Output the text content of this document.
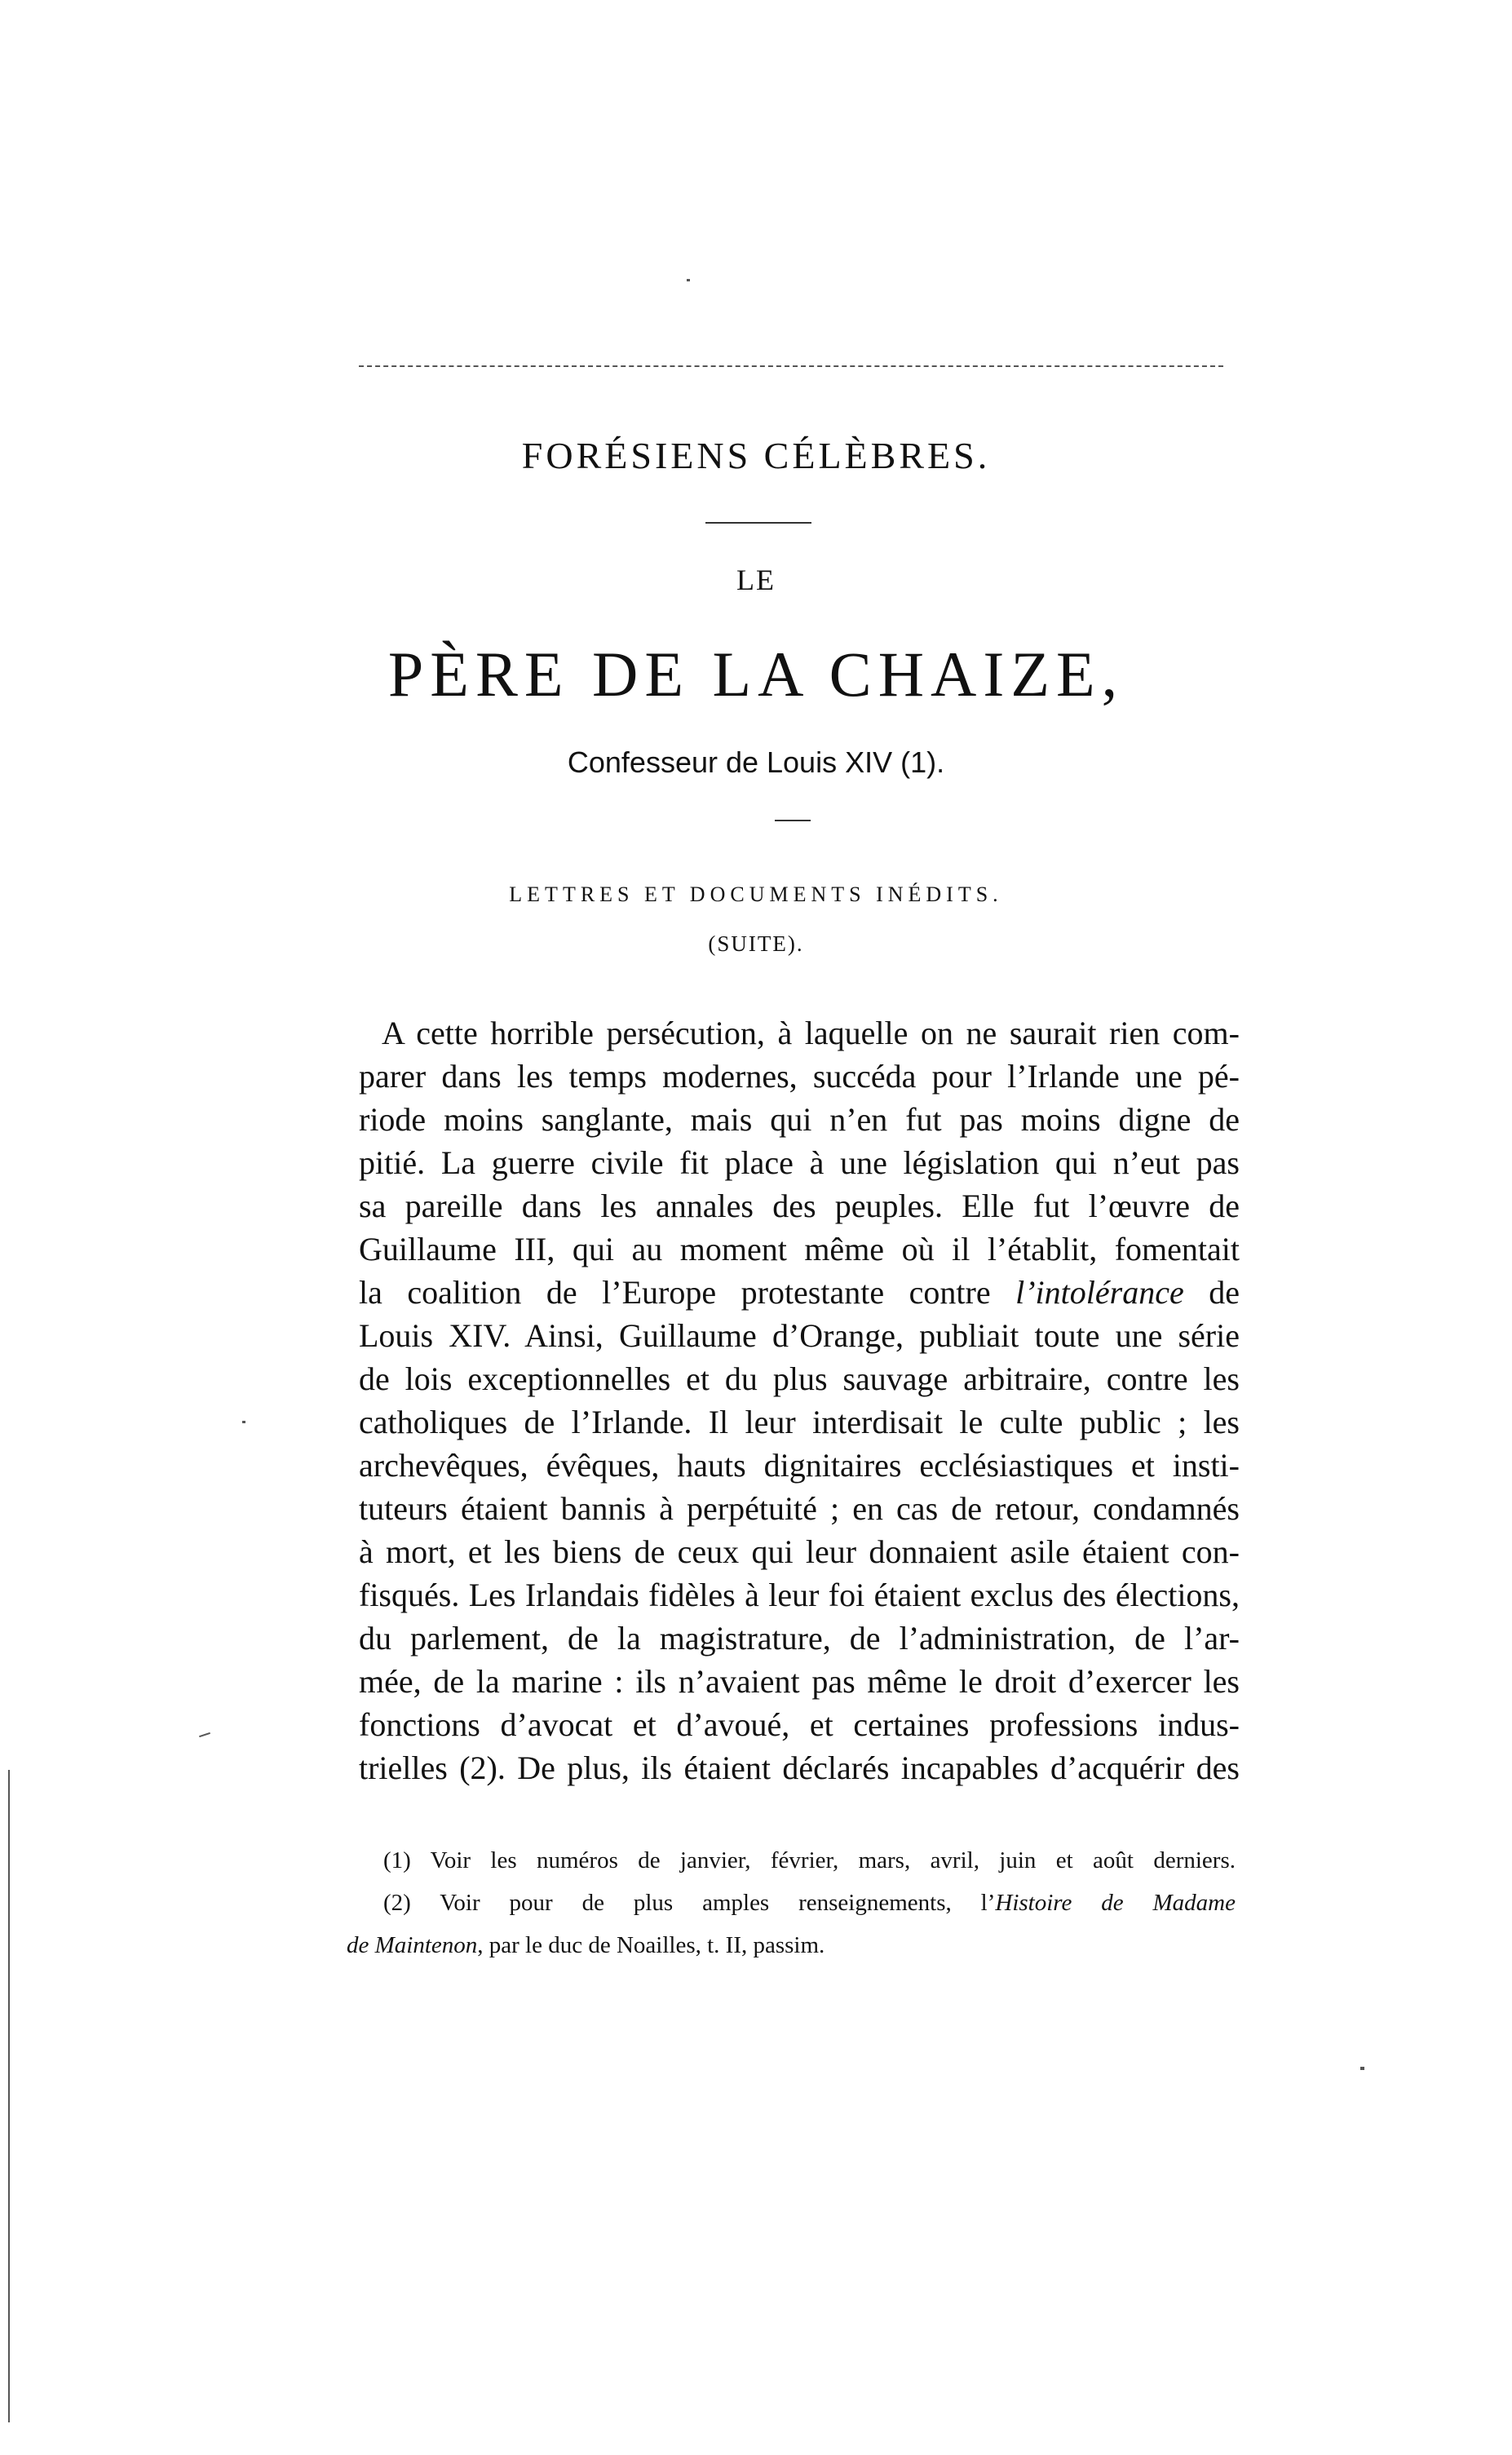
FORÉSIENS CÉLÈBRES.
LE
PÈRE DE LA CHAIZE,
Confesseur de Louis XIV (1).
LETTRES ET DOCUMENTS INÉDITS.
(SUITE).
A cette horrible persécution, à laquelle on ne saurait rien com-
parer dans les temps modernes, succéda pour l’Irlande une pé-
riode moins sanglante, mais qui n’en fut pas moins digne de
pitié. La guerre civile fit place à une législation qui n’eut pas
sa pareille dans les annales des peuples. Elle fut l’œuvre de
Guillaume III, qui au moment même où il l’établit, fomentait
la coalition de l’Europe protestante contre l’intolérance de
Louis XIV. Ainsi, Guillaume d’Orange, publiait toute une série
de lois exceptionnelles et du plus sauvage arbitraire, contre les
catholiques de l’Irlande. Il leur interdisait le culte public ; les
archevêques, évêques, hauts dignitaires ecclésiastiques et insti-
tuteurs étaient bannis à perpétuité ; en cas de retour, condamnés
à mort, et les biens de ceux qui leur donnaient asile étaient con-
fisqués. Les Irlandais fidèles à leur foi étaient exclus des élections,
du parlement, de la magistrature, de l’administration, de l’ar-
mée, de la marine : ils n’avaient pas même le droit d’exercer les
fonctions d’avocat et d’avoué, et certaines professions indus-
trielles (2). De plus, ils étaient déclarés incapables d’acquérir des
(1) Voir les numéros de janvier, février, mars, avril, juin et août derniers.
(2) Voir pour de plus amples renseignements, l’Histoire de Madame
de Maintenon, par le duc de Noailles, t. II, passim.
